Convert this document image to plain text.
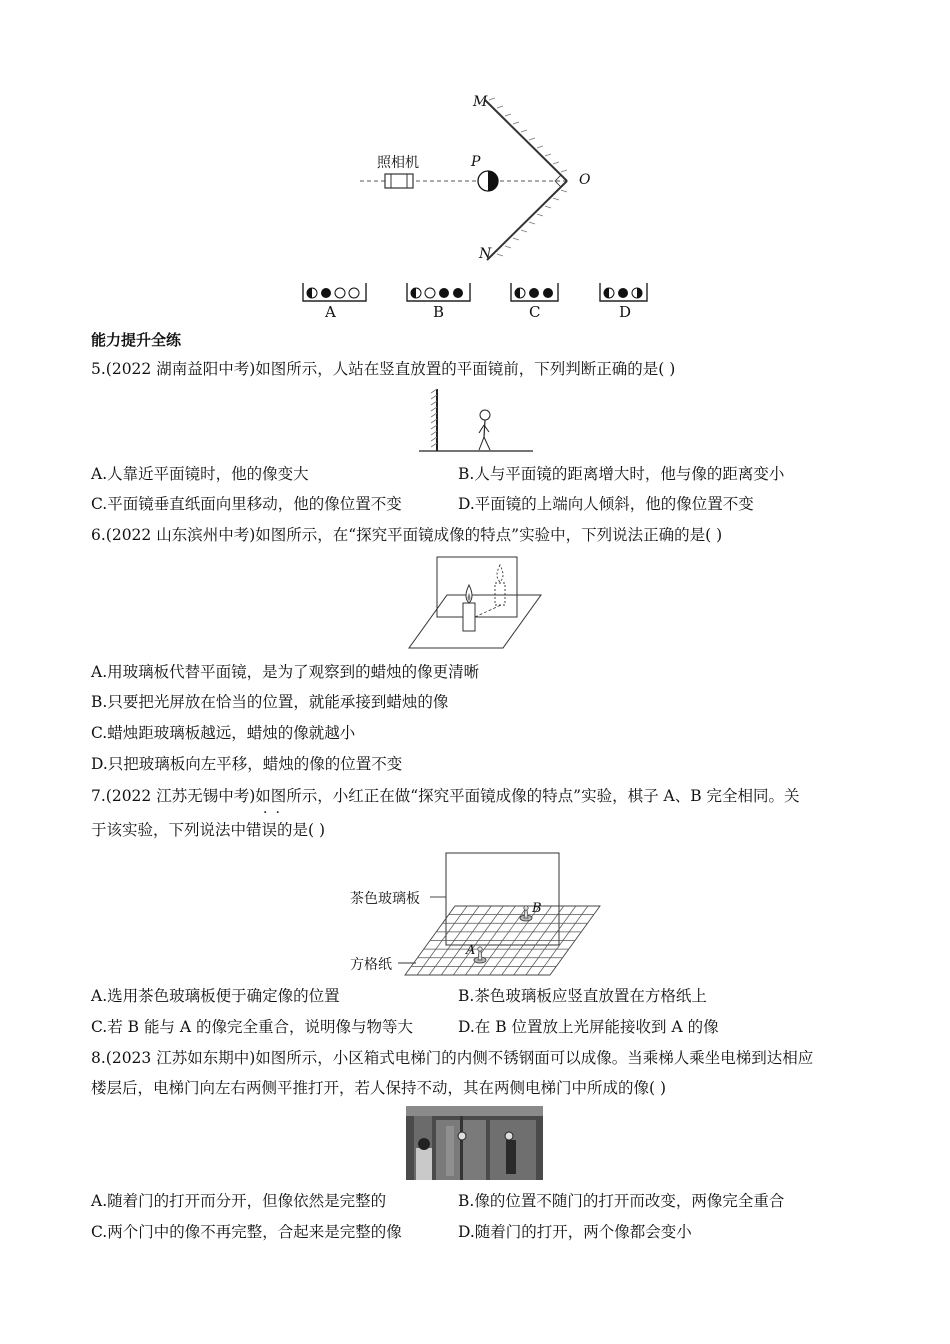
照相机	P
M
O
N
A	B	C	D
能力提升全练
5.(2022 湖南益阳中考)如图所示，人站在竖直放置的平面镜前，下列判断正确的是( )
A.人靠近平面镜时，他的像变大	B.人与平面镜的距离增大时，他与像的距离变小
C.平面镜垂直纸面向里移动，他的像位置不变	D.平面镜的上端向人倾斜，他的像位置不变
6.(2022 山东滨州中考)如图所示，在“探究平面镜成像的特点”实验中，下列说法正确的是( )
A.用玻璃板代替平面镜，是为了观察到的蜡烛的像更清晰
B.只要把光屏放在恰当的位置，就能承接到蜡烛的像
C.蜡烛距玻璃板越远，蜡烛的像就越小
D.只把玻璃板向左平移，蜡烛的像的位置不变
7.(2022 江苏无锡中考)如图所示，小红正在做“探究平面镜成像的特点”实验，棋子 A、B 完全相同。关
于该实验，下列说法中错误的是( )
··
茶色玻璃板
方格纸
B
A
A.选用茶色玻璃板便于确定像的位置	B.茶色玻璃板应竖直放置在方格纸上
C.若 B 能与 A 的像完全重合，说明像与物等大	D.在 B 位置放上光屏能接收到 A 的像
8.(2023 江苏如东期中)如图所示，小区箱式电梯门的内侧不锈钢面可以成像。当乘梯人乘坐电梯到达相应
楼层后，电梯门向左右两侧平推打开，若人保持不动，其在两侧电梯门中所成的像( )
A.随着门的打开而分开，但像依然是完整的	B.像的位置不随门的打开而改变，两像完全重合
C.两个门中的像不再完整，合起来是完整的像	D.随着门的打开，两个像都会变小
